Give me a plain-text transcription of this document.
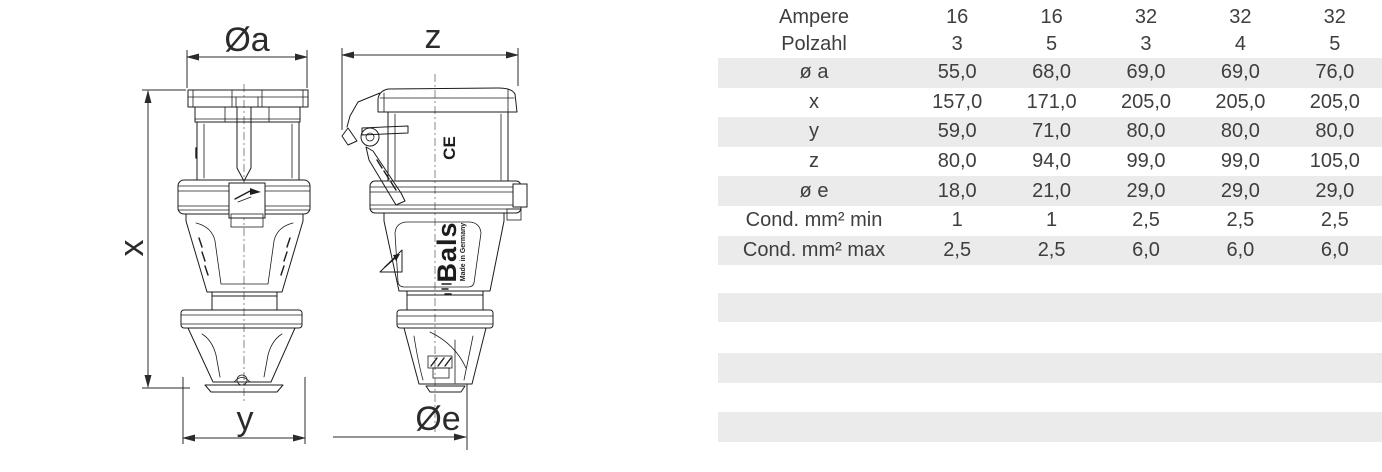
Øa
x
y
CE
Bals
Made in Germany
z
Øe
Ampere	16	16	32	32	32
Polzahl	3	5	3	4	5
ø a	55,0	68,0	69,0	69,0	76,0
x	157,0	171,0	205,0	205,0	205,0
y	59,0	71,0	80,0	80,0	80,0
z	80,0	94,0	99,0	99,0	105,0
ø e	18,0	21,0	29,0	29,0	29,0
Cond. mm² min	1	1	2,5	2,5	2,5
Cond. mm² max	2,5	2,5	6,0	6,0	6,0
